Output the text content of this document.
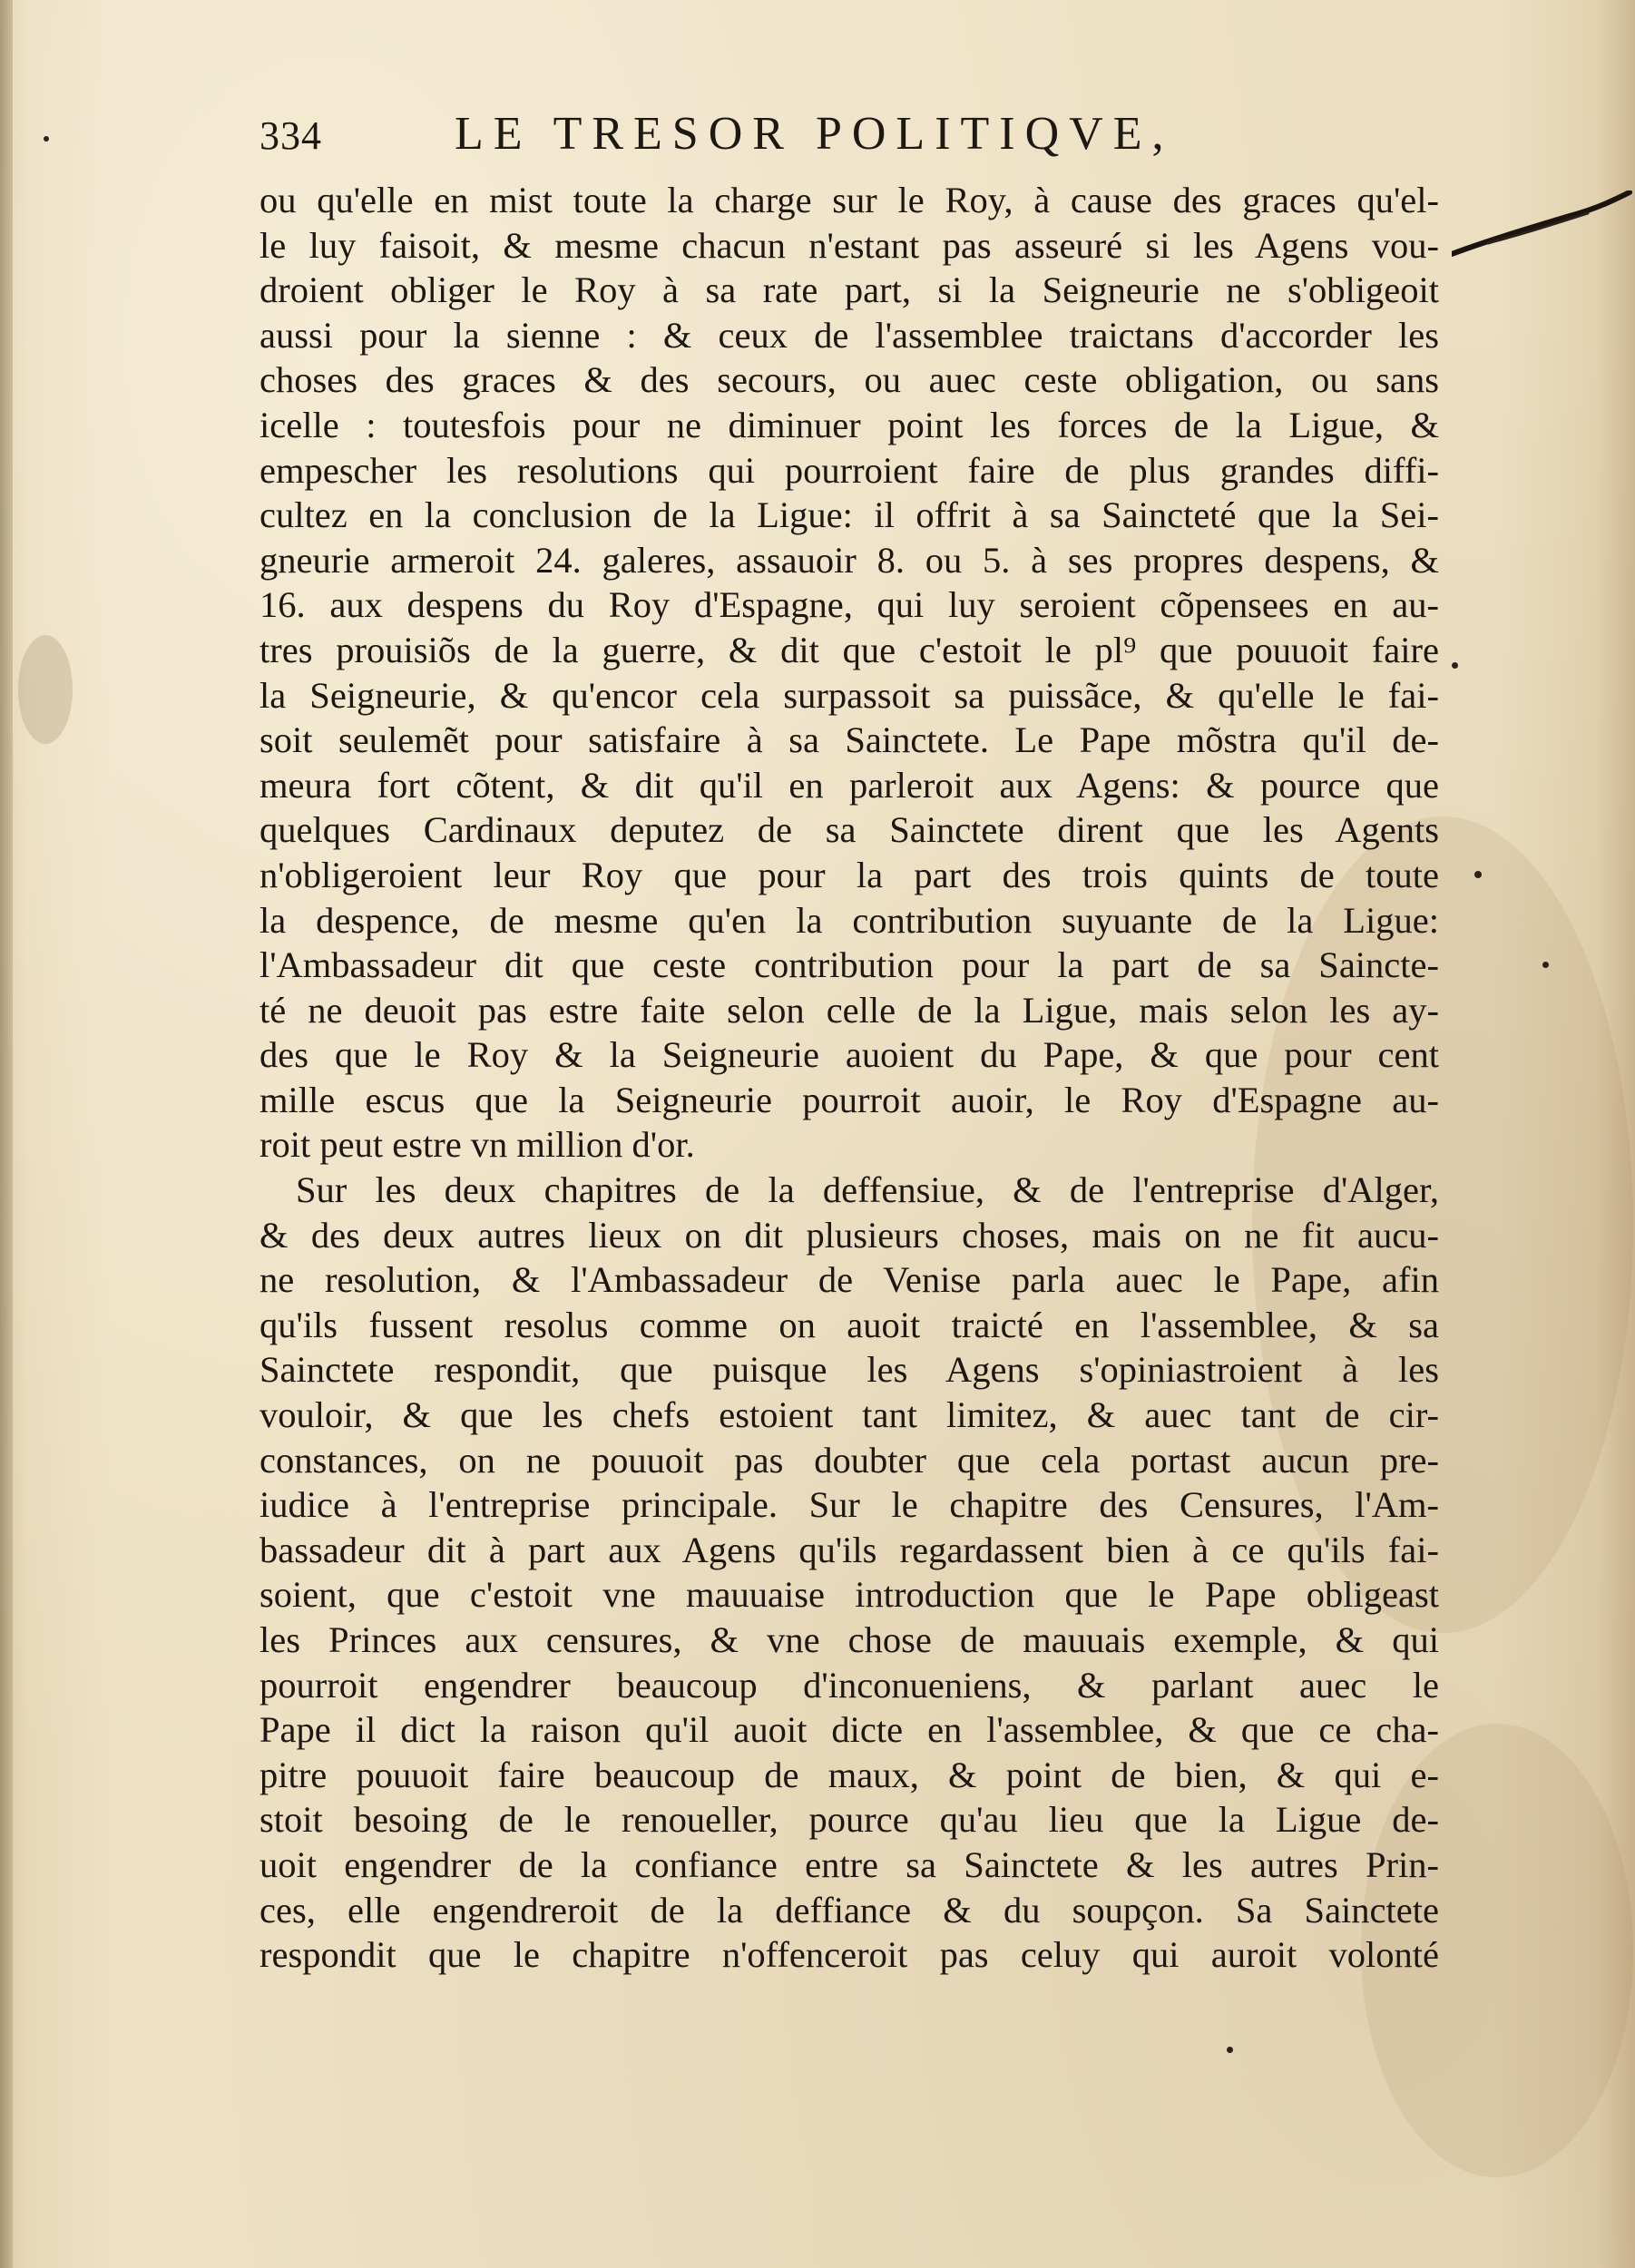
334	LE TRESOR POLITIQVE,
ou qu'elle en mist toute la charge sur le Roy, à cause des graces qu'el-
le luy faisoit, & mesme chacun n'estant pas asseuré si les Agens vou-
droient obliger le Roy à sa rate part, si la Seigneurie ne s'obligeoit
aussi pour la sienne : & ceux de l'assemblee traictans d'accorder les
choses des graces & des secours, ou auec ceste obligation, ou sans
icelle : toutesfois pour ne diminuer point les forces de la Ligue, &
empescher les resolutions qui pourroient faire de plus grandes diffi-
cultez en la conclusion de la Ligue: il offrit à sa Saincteté que la Sei-
gneurie armeroit 24. galeres, assauoir 8. ou 5. à ses propres despens, &
16. aux despens du Roy d'Espagne, qui luy seroient cõpensees en au-
tres prouisiõs de la guerre, & dit que c'estoit le pl⁹ que pouuoit faire
la Seigneurie, & qu'encor cela surpassoit sa puissãce, & qu'elle le fai-
soit seulemẽt pour satisfaire à sa Sainctete. Le Pape mõstra qu'il de-
meura fort cõtent, & dit qu'il en parleroit aux Agens: & pource que
quelques Cardinaux deputez de sa Sainctete dirent que les Agents
n'obligeroient leur Roy que pour la part des trois quints de toute
la despence, de mesme qu'en la contribution suyuante de la Ligue:
l'Ambassadeur dit que ceste contribution pour la part de sa Saincte-
té ne deuoit pas estre faite selon celle de la Ligue, mais selon les ay-
des que le Roy & la Seigneurie auoient du Pape, & que pour cent
mille escus que la Seigneurie pourroit auoir, le Roy d'Espagne au-
roit peut estre vn million d'or.
Sur les deux chapitres de la deffensiue, & de l'entreprise d'Alger,
& des deux autres lieux on dit plusieurs choses, mais on ne fit aucu-
ne resolution, & l'Ambassadeur de Venise parla auec le Pape, afin
qu'ils fussent resolus comme on auoit traicté en l'assemblee, & sa
Sainctete respondit, que puisque les Agens s'opiniastroient à les
vouloir, & que les chefs estoient tant limitez, & auec tant de cir-
constances, on ne pouuoit pas doubter que cela portast aucun pre-
iudice à l'entreprise principale. Sur le chapitre des Censures, l'Am-
bassadeur dit à part aux Agens qu'ils regardassent bien à ce qu'ils fai-
soient, que c'estoit vne mauuaise introduction que le Pape obligeast
les Princes aux censures, & vne chose de mauuais exemple, & qui
pourroit engendrer beaucoup d'inconueniens, & parlant auec le
Pape il dict la raison qu'il auoit dicte en l'assemblee, & que ce cha-
pitre pouuoit faire beaucoup de maux, & point de bien, & qui e-
stoit besoing de le renoueller, pource qu'au lieu que la Ligue de-
uoit engendrer de la confiance entre sa Sainctete & les autres Prin-
ces, elle engendreroit de la deffiance & du soupçon. Sa Sainctete
respondit que le chapitre n'offenceroit pas celuy qui auroit volonté
